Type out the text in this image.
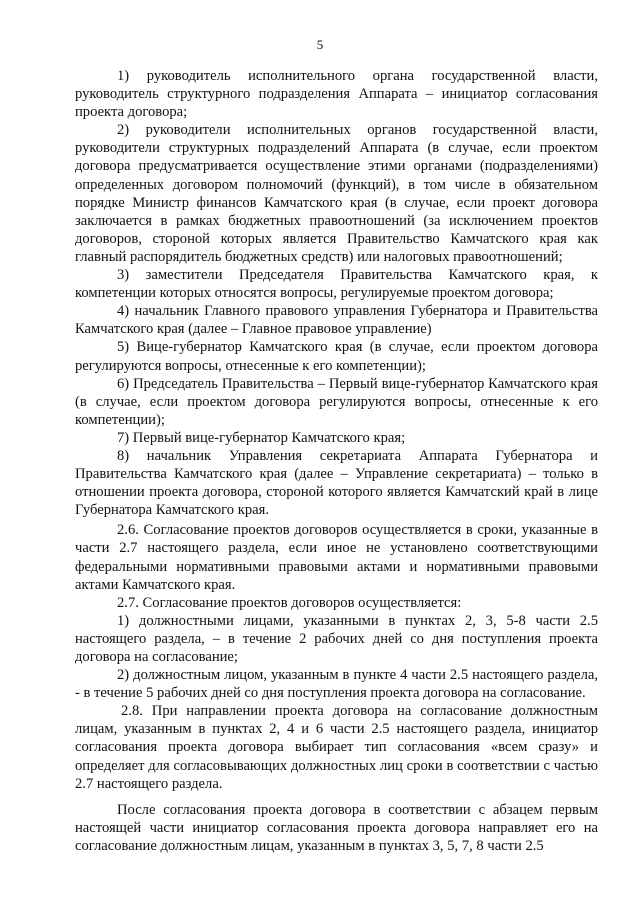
5

1) руководитель исполнительного органа государственной власти, руководитель структурного подразделения Аппарата – инициатор согласования проекта договора;

2) руководители исполнительных органов государственной власти, руководители структурных подразделений Аппарата (в случае, если проектом договора предусматривается осуществление этими органами (подразделениями) определенных договором полномочий (функций), в том числе в обязательном порядке Министр финансов Камчатского края (в случае, если проект договора заключается в рамках бюджетных правоотношений (за исключением проектов договоров, стороной которых является Правительство Камчатского края как главный распорядитель бюджетных средств) или налоговых правоотношений;

3) заместители Председателя Правительства Камчатского края, к компетенции которых относятся вопросы, регулируемые проектом договора;

4) начальник Главного правового управления Губернатора и Правительства Камчатского края (далее – Главное правовое управление)

5) Вице-губернатор Камчатского края (в случае, если проектом договора регулируются вопросы, отнесенные к его компетенции);

6) Председатель Правительства – Первый вице-губернатор Камчатского края (в случае, если проектом договора регулируются вопросы, отнесенные к его компетенции);

7) Первый вице-губернатор Камчатского края;

8) начальник Управления секретариата Аппарата Губернатора и Правительства Камчатского края (далее – Управление секретариата) – только в отношении проекта договора, стороной которого является Камчатский край в лице Губернатора Камчатского края.

2.6. Согласование проектов договоров осуществляется в сроки, указанные в части 2.7 настоящего раздела, если иное не установлено соответствующими федеральными нормативными правовыми актами и нормативными правовыми актами Камчатского края.

2.7. Согласование проектов договоров осуществляется:

1) должностными лицами, указанными в пунктах 2, 3, 5-8 части 2.5 настоящего раздела, – в течение 2 рабочих дней со дня поступления проекта договора на согласование;

2) должностным лицом, указанным в пункте 4 части 2.5 настоящего раздела, - в течение 5 рабочих дней со дня поступления проекта договора на согласование.

2.8. При направлении проекта договора на согласование должностным лицам, указанным в пунктах 2, 4 и 6 части 2.5 настоящего раздела, инициатор согласования проекта договора выбирает тип согласования «всем сразу» и определяет для согласовывающих должностных лиц сроки в соответствии с частью 2.7 настоящего раздела.

После согласования проекта договора в соответствии с абзацем первым настоящей части инициатор согласования проекта договора направляет его на согласование должностным лицам, указанным в пунктах 3, 5, 7, 8 части 2.5
